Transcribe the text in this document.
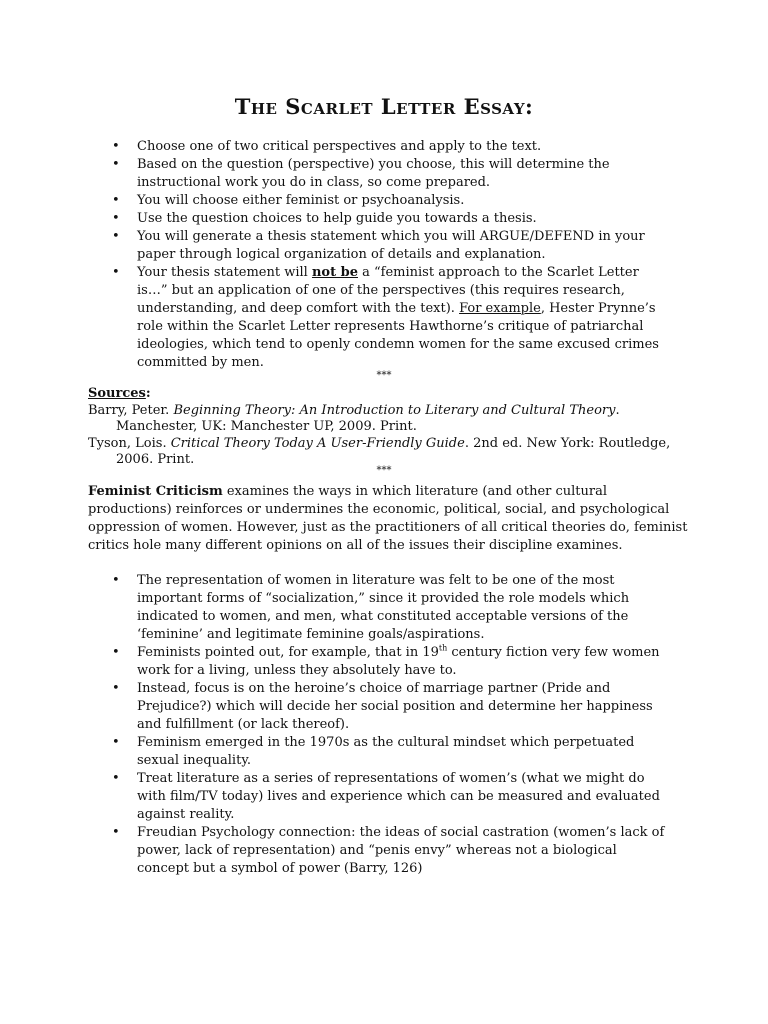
The Scarlet Letter Essay:
• Choose one of two critical perspectives and apply to the text.
• Based on the question (perspective) you choose, this will determine the instructional work you do in class, so come prepared.
• You will choose either feminist or psychoanalysis.
• Use the question choices to help guide you towards a thesis.
• You will generate a thesis statement which you will ARGUE/DEFEND in your paper through logical organization of details and explanation.
• Your thesis statement will not be a “feminist approach to the Scarlet Letter is…” but an application of one of the perspectives (this requires research, understanding, and deep comfort with the text). For example, Hester Prynne’s role within the Scarlet Letter represents Hawthorne’s critique of patriarchal ideologies, which tend to openly condemn women for the same excused crimes committed by men.
***
Sources:
Barry, Peter. Beginning Theory: An Introduction to Literary and Cultural Theory. Manchester, UK: Manchester UP, 2009. Print.
Tyson, Lois. Critical Theory Today A User-Friendly Guide. 2nd ed. New York: Routledge, 2006. Print.
***
Feminist Criticism examines the ways in which literature (and other cultural productions) reinforces or undermines the economic, political, social, and psychological oppression of women. However, just as the practitioners of all critical theories do, feminist critics hole many different opinions on all of the issues their discipline examines.
• The representation of women in literature was felt to be one of the most important forms of “socialization,” since it provided the role models which indicated to women, and men, what constituted acceptable versions of the ‘feminine’ and legitimate feminine goals/aspirations.
• Feminists pointed out, for example, that in 19th century fiction very few women work for a living, unless they absolutely have to.
• Instead, focus is on the heroine’s choice of marriage partner (Pride and Prejudice?) which will decide her social position and determine her happiness and fulfillment (or lack thereof).
• Feminism emerged in the 1970s as the cultural mindset which perpetuated sexual inequality.
• Treat literature as a series of representations of women’s (what we might do with film/TV today) lives and experience which can be measured and evaluated against reality.
• Freudian Psychology connection: the ideas of social castration (women’s lack of power, lack of representation) and “penis envy” whereas not a biological concept but a symbol of power (Barry, 126)
